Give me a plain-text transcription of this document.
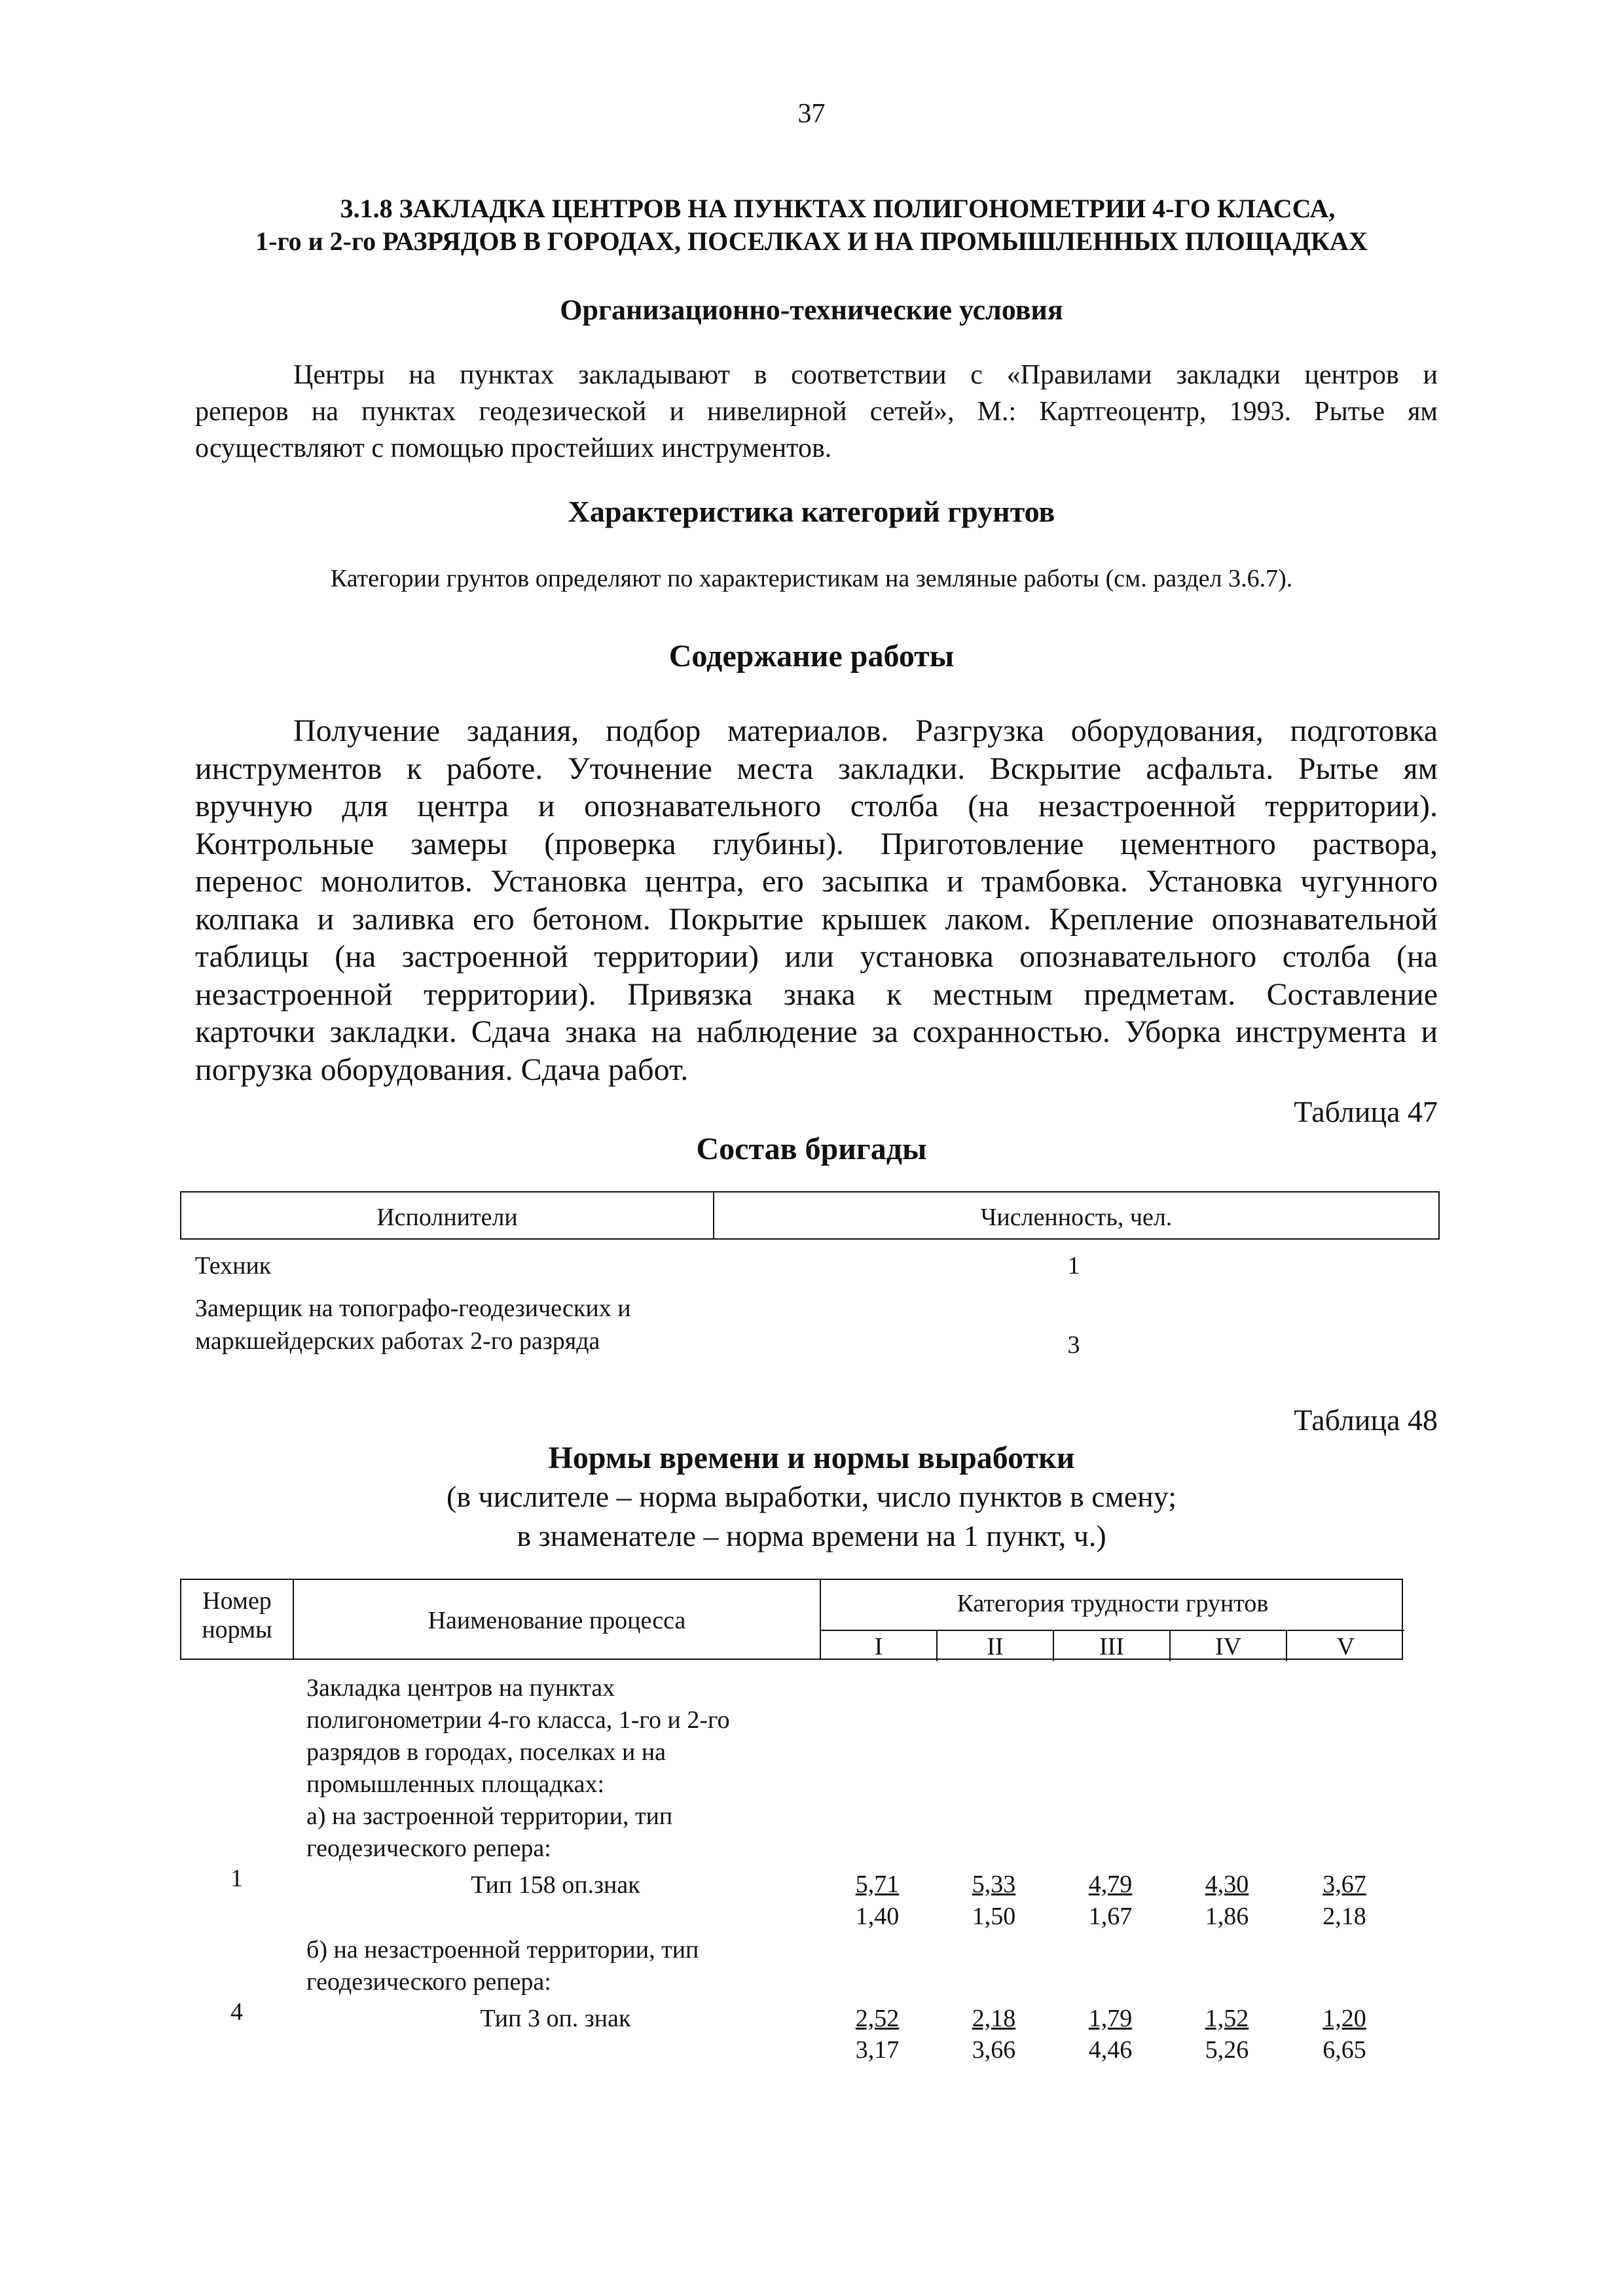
37
3.1.8 ЗАКЛАДКА ЦЕНТРОВ НА ПУНКТАХ ПОЛИГОНОМЕТРИИ 4-ГО КЛАССА,
1-го и 2-го РАЗРЯДОВ В ГОРОДАХ, ПОСЕЛКАХ И НА ПРОМЫШЛЕННЫХ ПЛОЩАДКАХ
Организационно-технические условия
Центры на пунктах закладывают в соответствии с «Правилами закладки центров и
реперов на пунктах геодезической и нивелирной сетей», М.: Картгеоцентр, 1993. Рытье ям
осуществляют с помощью простейших инструментов.
Характеристика категорий грунтов
Категории грунтов определяют по характеристикам на земляные работы (см. раздел 3.6.7).
Содержание работы
Получение задания, подбор материалов. Разгрузка оборудования, подготовка
инструментов к работе. Уточнение места закладки. Вскрытие асфальта. Рытье ям
вручную для центра и опознавательного столба (на незастроенной территории).
Контрольные замеры (проверка глубины). Приготовление цементного раствора,
перенос монолитов. Установка центра, его засыпка и трамбовка. Установка чугунного
колпака и заливка его бетоном. Покрытие крышек лаком. Крепление опознавательной
таблицы (на застроенной территории) или установка опознавательного столба (на
незастроенной территории). Привязка знака к местным предметам. Составление
карточки закладки. Сдача знака на наблюдение за сохранностью. Уборка инструмента и
погрузка оборудования. Сдача работ.
Таблица 47
Состав бригады
Исполнители	Численность, чел.
Техник	1
Замерщик на топографо-геодезических и
маркшейдерских работах 2-го разряда	3
Таблица 48
Нормы времени и нормы выработки
(в числителе – норма выработки, число пунктов в смену;
в знаменателе – норма времени на 1 пункт, ч.)
Номер
нормы	Наименование процесса
Категория трудности грунтов
I	II	III	IV	V
Закладка центров на пунктах
полигонометрии 4-го класса, 1-го и 2-го
разрядов в городах, поселках и на
промышленных площадках:
а) на застроенной территории, тип
геодезического репера:
1	Тип 158 оп.знак	5,71	5,33	4,79	4,30	3,67
1,40	1,50	1,67	1,86	2,18
б) на незастроенной территории, тип
геодезического репера:
4	Тип 3 оп. знак	2,52	2,18	1,79	1,52	1,20
3,17	3,66	4,46	5,26	6,65
